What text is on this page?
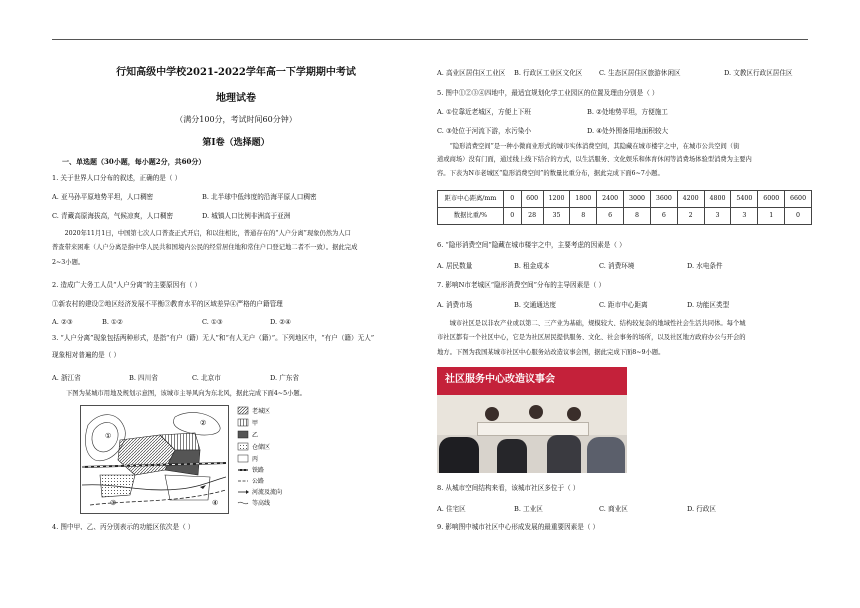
行知高级中学校2021-2022学年高一下学期期中考试
地理试卷
（满分100分，考试时间60分钟）
第Ⅰ卷（选择题）
一、单选题（30小题，每小题2分，共60分）
1. 关于世界人口分布的叙述，正确的是（ ）
A. 亚马孙平原地势平坦，人口稠密	B. 北半球中低纬度的沿海平原人口稠密
C. 青藏高原海拔高，气候凉爽，人口稠密	D. 城镇人口比例非洲高于亚洲
2020年11月1日，中国第七次人口普查正式开启，和以往相比，普通存在的“人户分离”现象仍然为人口
普查带来困难（人户分离是指中华人民共和国境内公民的经常居住地和常住户口登记地二者不一致）。据此完成
2~3小题。
2. 造成广大务工人员“人户分离”的主要原因有（ ）
①新农村的建设②地区经济发展不平衡③教育水平的区域差异④严格的户籍管理
A. ②③	B. ①②	C. ①③	D. ②④
3. “人户分离”现象包括两种形式，是指“有户（籍）无人”和“有人无户（籍）”。下列地区中，“有户（籍）无人”
现象相对普遍的是（ ）
A. 浙江省	B. 四川省	C. 北京市	D. 广东省
下图为某城市用地及规划示意图，该城市主导风向为东北风，据此完成下面4~5小题。
①
②
③	④
老城区
甲
乙
仓储区
丙
铁路
公路
河流及流向
等高线
4. 图中甲、乙、丙分别表示的功能区依次是（ ）
A. 高业区居住区工业区 B. 行政区工业区文化区	C. 生态区居住区旅游休闲区	D. 文教区行政区居住区
5. 图中①②③④四地中，最适宜规划化学工业园区的位置及理由分别是（ ）
A. ①位靠近老城区，方便上下班	B. ②处地势平坦，方便施工
C. ③处位于河流下游，水污染小	D. ④处外围备用地面积较大
“隐形消费空间”是一种小微商业形式的城市实体消费空间，其隐藏在城市楼宇之中，在城市公共空间（街
道或商场）没有门面，通过线上线下结合的方式，以生活服务、文化娱乐和体育休闲等消费场体验型消费为主要内
容。下表为N市老城区“隐形消费空间”的数量比重分布，据此完成下面6~7小题。
距市中心距离/mm	0	600	1200	1800	2400	3000	3600	4200	4800	5400	6000	6600
数据比重/%	0	28	35	8	6	8	6	2	3	3	1	0
6. “隐形消费空间”隐藏在城市楼宇之中，主要考虑的因素是（ ）
A. 居民数量	B. 租金成本	C. 消费环境	D. 水电条件
7. 影响N市老城区“隐形消费空间”分布的主导因素是（ ）
A. 消费市场	B. 交通通达度	C. 距市中心距离	D. 功能区类型
城市社区是以非农产业或以第二、三产业为基础，规模较大、结构较复杂的地域性社会生活共同体。每个城
市社区都有一个社区中心，它是为社区居民提供服务、文化、社会事务的场所，以及社区地方政府办公与开会的
地方。下图为我国某城市社区中心服务站改造议事会图，据此完成下面8~9小题。
社区服务中心改造议事会
8. 从城市空间结构来看，该城市社区多位于（ ）
A. 住宅区	B. 工业区	C. 商业区	D. 行政区
9. 影响图中城市社区中心形成发展的最重要因素是（ ）
